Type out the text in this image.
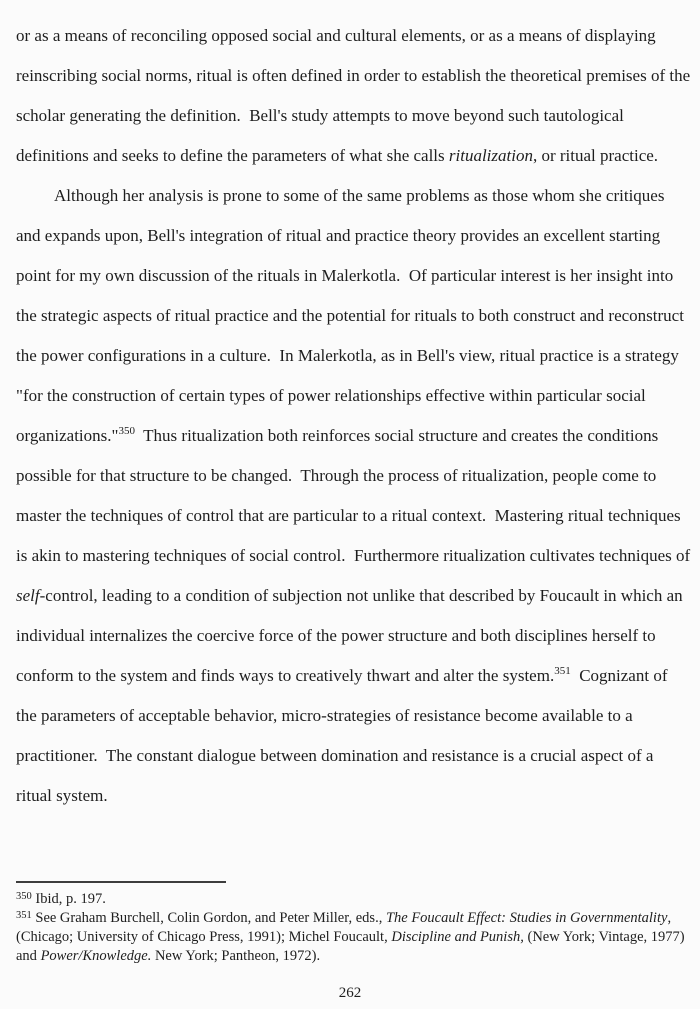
or as a means of reconciling opposed social and cultural elements, or as a means of displaying reinscribing social norms, ritual is often defined in order to establish the theoretical premises of the scholar generating the definition.  Bell's study attempts to move beyond such tautological definitions and seeks to define the parameters of what she calls ritualization, or ritual practice.

Although her analysis is prone to some of the same problems as those whom she critiques and expands upon, Bell's integration of ritual and practice theory provides an excellent starting point for my own discussion of the rituals in Malerkotla.  Of particular interest is her insight into the strategic aspects of ritual practice and the potential for rituals to both construct and reconstruct the power configurations in a culture.  In Malerkotla, as in Bell's view, ritual practice is a strategy "for the construction of certain types of power relationships effective within particular social organizations."$^{350}$  Thus ritualization both reinforces social structure and creates the conditions possible for that structure to be changed.  Through the process of ritualization, people come to master the techniques of control that are particular to a ritual context.  Mastering ritual techniques is akin to mastering techniques of social control.  Furthermore ritualization cultivates techniques of self-control, leading to a condition of subjection not unlike that described by Foucault in which an individual internalizes the coercive force of the power structure and both disciplines herself to conform to the system and finds ways to creatively thwart and alter the system.$^{351}$  Cognizant of the parameters of acceptable behavior, micro-strategies of resistance become available to a practitioner.  The constant dialogue between domination and resistance is a crucial aspect of a ritual system.

$^{350}$ Ibid, p. 197.
$^{351}$ See Graham Burchell, Colin Gordon, and Peter Miller, eds., The Foucault Effect: Studies in Governmentality, (Chicago; University of Chicago Press, 1991); Michel Foucault, Discipline and Punish, (New York; Vintage, 1977) and Power/Knowledge. New York; Pantheon, 1972).
262
